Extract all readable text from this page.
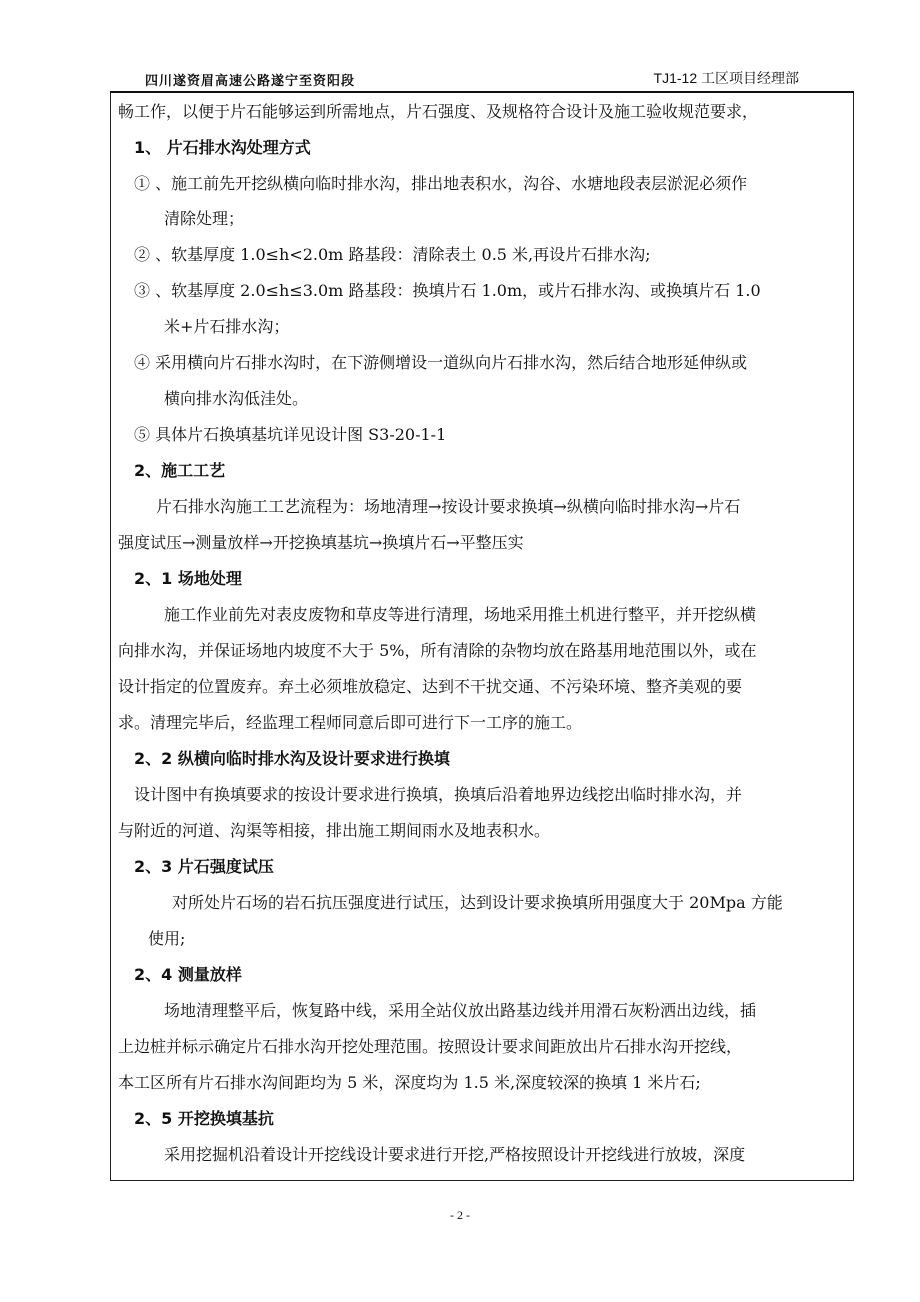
四川遂资眉高速公路遂宁至资阳段	TJ1-12 工区项目经理部
畅工作，以便于片石能够运到所需地点，片石强度、及规格符合设计及施工验收规范要求，
1、 片石排水沟处理方式
① 、施工前先开挖纵横向临时排水沟，排出地表积水，沟谷、水塘地段表层淤泥必须作
清除处理；
② 、软基厚度 1.0≤h<2.0m 路基段：清除表土 0.5 米,再设片石排水沟;
③ 、软基厚度 2.0≤h≤3.0m 路基段：换填片石 1.0m，或片石排水沟、或换填片石 1.0
米+片石排水沟；
④ 采用横向片石排水沟时，在下游侧增设一道纵向片石排水沟，然后结合地形延伸纵或
横向排水沟低洼处。
⑤ 具体片石换填基坑详见设计图 S3-20-1-1
2、施工工艺
片石排水沟施工工艺流程为：场地清理→按设计要求换填→纵横向临时排水沟→片石
强度试压→测量放样→开挖换填基坑→换填片石→平整压实
2、1 场地处理
施工作业前先对表皮废物和草皮等进行清理，场地采用推土机进行整平，并开挖纵横
向排水沟，并保证场地内坡度不大于 5%，所有清除的杂物均放在路基用地范围以外，或在
设计指定的位置废弃。弃土必须堆放稳定、达到不干扰交通、不污染环境、整齐美观的要
求。清理完毕后，经监理工程师同意后即可进行下一工序的施工。
2、2 纵横向临时排水沟及设计要求进行换填
设计图中有换填要求的按设计要求进行换填，换填后沿着地界边线挖出临时排水沟，并
与附近的河道、沟渠等相接，排出施工期间雨水及地表积水。
2、3 片石强度试压
对所处片石场的岩石抗压强度进行试压，达到设计要求换填所用强度大于 20Mpa 方能
使用;
2、4 测量放样
场地清理整平后，恢复路中线，采用全站仪放出路基边线并用滑石灰粉洒出边线，插
上边桩并标示确定片石排水沟开挖处理范围。按照设计要求间距放出片石排水沟开挖线，
本工区所有片石排水沟间距均为 5 米，深度均为 1.5 米,深度较深的换填 1 米片石;
2、5 开挖换填基抗
采用挖掘机沿着设计开挖线设计要求进行开挖,严格按照设计开挖线进行放坡，深度
- 2 -
